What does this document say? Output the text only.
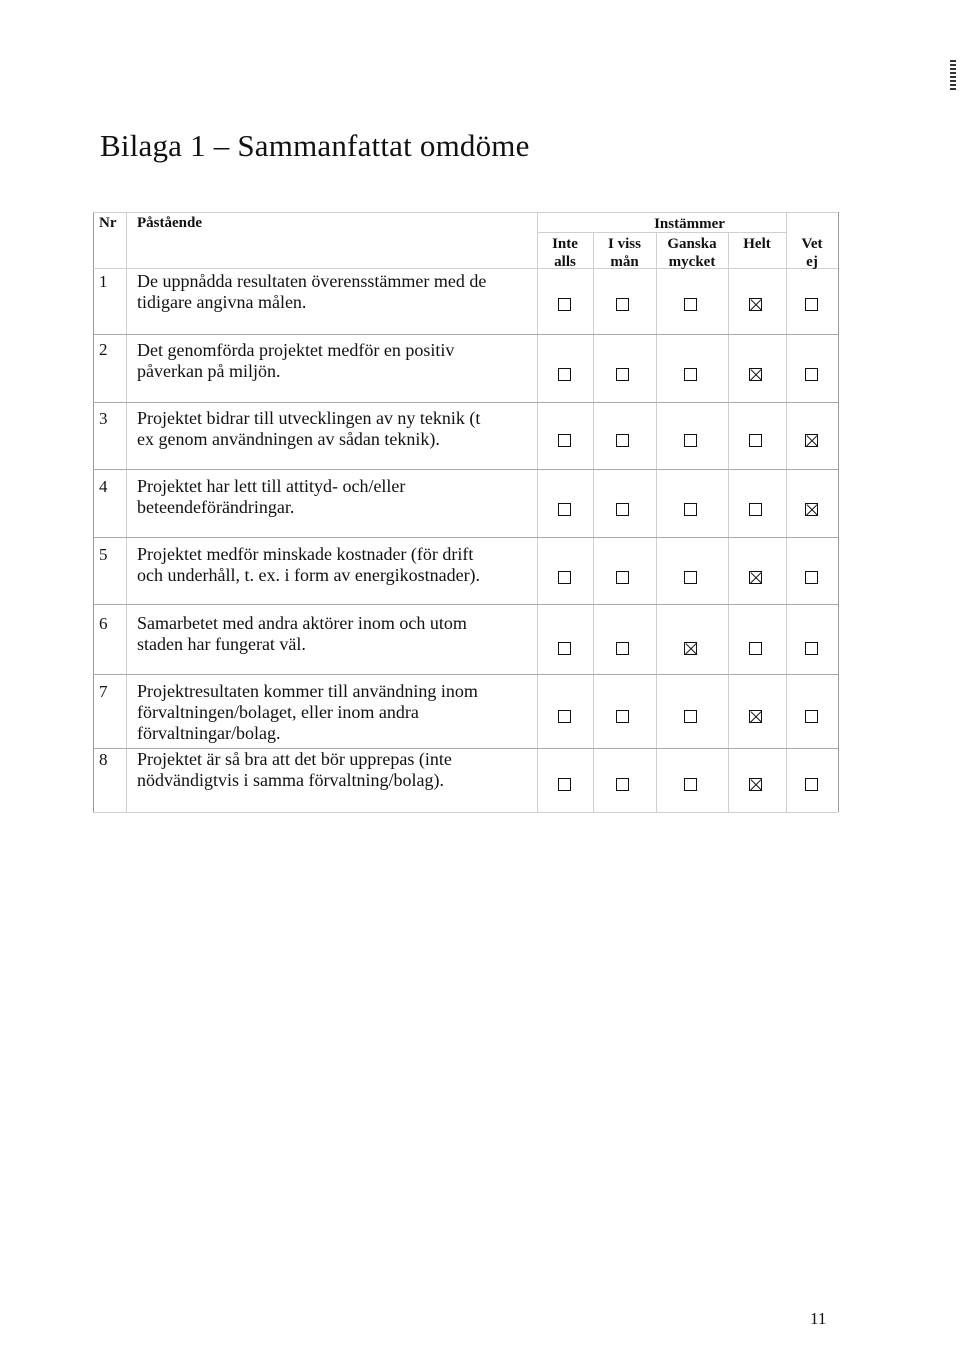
Bilaga 1 – Sammanfattat omdöme
Nr Påstående	Instämmer
Inte
alls
I viss
mån
Ganska
mycket
Helt	Vet
ej
1 De uppnådda resultaten överensstämmer med de
tidigare angivna målen.
2 Det genomförda projektet medför en positiv
påverkan på miljön.
3 Projektet bidrar till utvecklingen av ny teknik (t
ex genom användningen av sådan teknik).
4 Projektet har lett till attityd- och/eller
beteendeförändringar.
5 Projektet medför minskade kostnader (för drift
och underhåll, t. ex. i form av energikostnader).
6 Samarbetet med andra aktörer inom och utom
staden har fungerat väl.
7 Projektresultaten kommer till användning inom
förvaltningen/bolaget, eller inom andra
förvaltningar/bolag.
8 Projektet är så bra att det bör upprepas (inte
nödvändigtvis i samma förvaltning/bolag).
11
